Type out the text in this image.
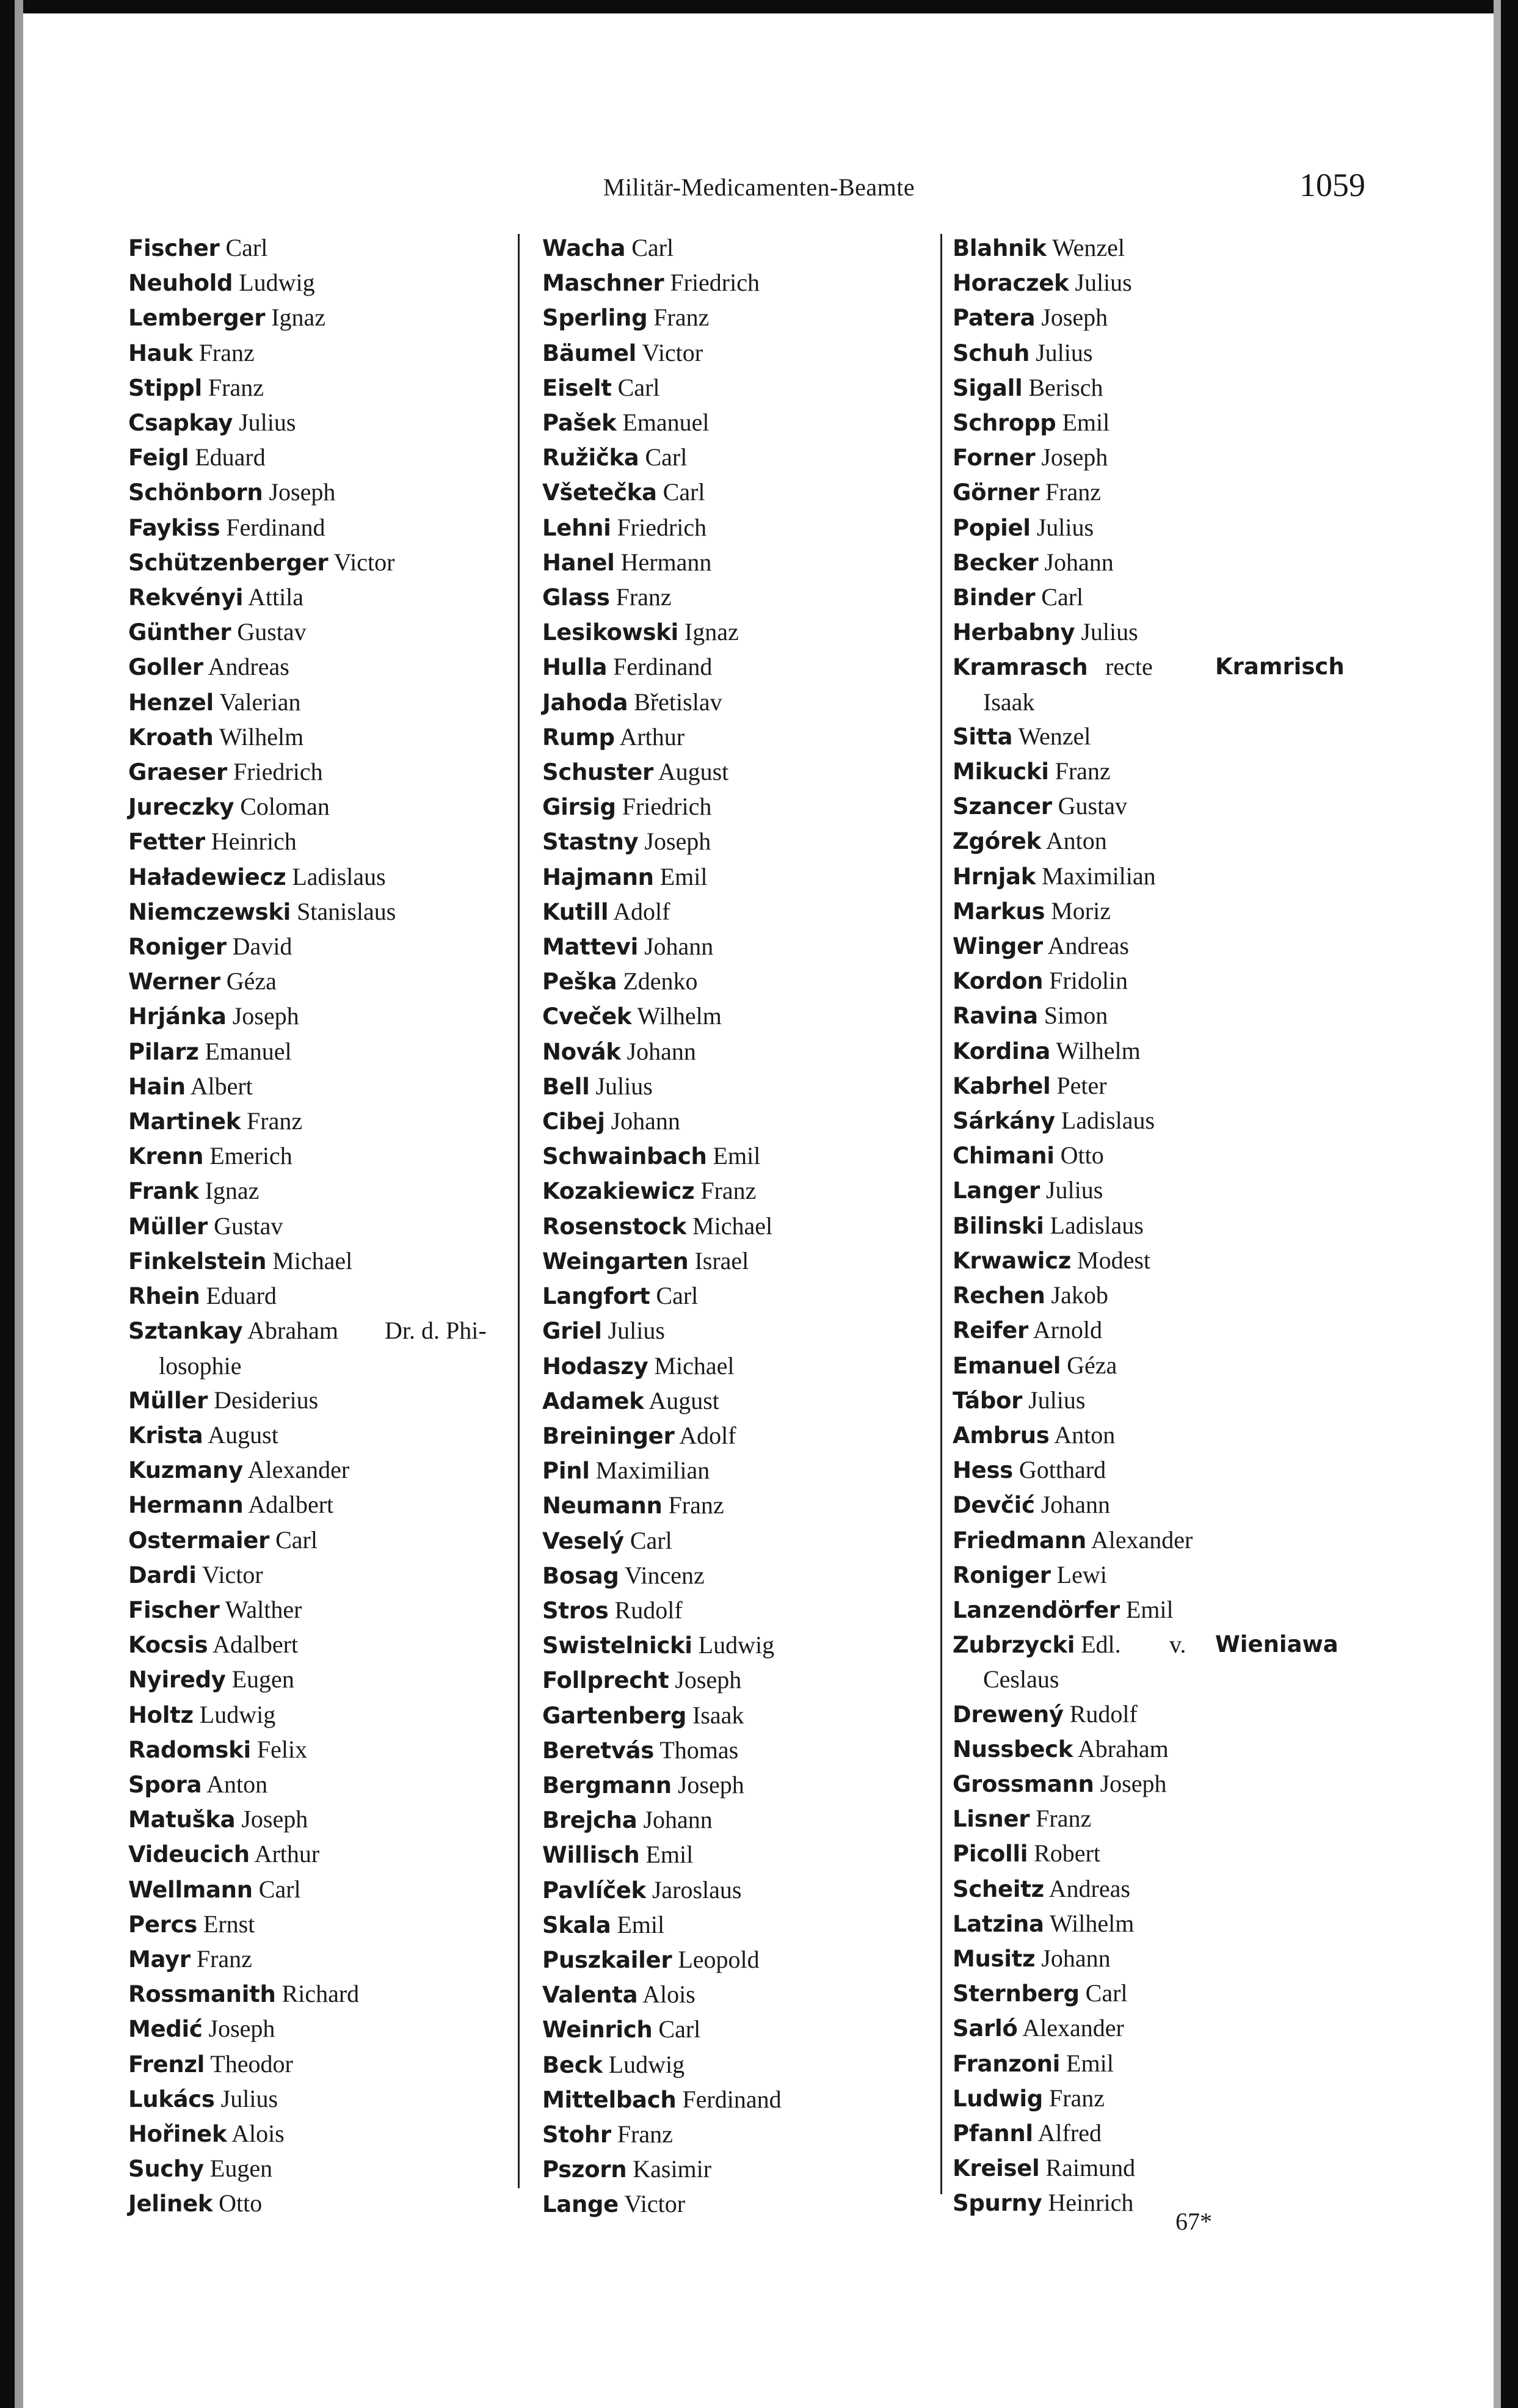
Militär-Medicamenten-Beamte	1059
Fischer Carl
Neuhold Ludwig
Lemberger Ignaz
Hauk Franz
Stippl Franz
Csapkay Julius
Feigl Eduard
Schönborn Joseph
Faykiss Ferdinand
Schützenberger Victor
Rekvényi Attila
Günther Gustav
Goller Andreas
Henzel Valerian
Kroath Wilhelm
Graeser Friedrich
Jureczky Coloman
Fetter Heinrich
Haładewiecz Ladislaus
Niemczewski Stanislaus
Roniger David
Werner Géza
Hrjánka Joseph
Pilarz Emanuel
Hain Albert
Martinek Franz
Krenn Emerich
Frank Ignaz
Müller Gustav
Finkelstein Michael
Rhein Eduard
Sztankay Abraham Dr. d. Phi-
losophie
Müller Desiderius
Krista August
Kuzmany Alexander
Hermann Adalbert
Ostermaier Carl
Dardi Victor
Fischer Walther
Kocsis Adalbert
Nyiredy Eugen
Holtz Ludwig
Radomski Felix
Spora Anton
Matuška Joseph
Videucich Arthur
Wellmann Carl
Percs Ernst
Mayr Franz
Rossmanith Richard
Medić Joseph
Frenzl Theodor
Lukács Julius
Hořinek Alois
Suchy Eugen
Jelinek Otto
Wacha Carl
Maschner Friedrich
Sperling Franz
Bäumel Victor
Eiselt Carl
Pašek Emanuel
Ružička Carl
Všetečka Carl
Lehni Friedrich
Hanel Hermann
Glass Franz
Lesikowski Ignaz
Hulla Ferdinand
Jahoda Břetislav
Rump Arthur
Schuster August
Girsig Friedrich
Stastny Joseph
Hajmann Emil
Kutill Adolf
Mattevi Johann
Peška Zdenko
Cveček Wilhelm
Novák Johann
Bell Julius
Cibej Johann
Schwainbach Emil
Kozakiewicz Franz
Rosenstock Michael
Weingarten Israel
Langfort Carl
Griel Julius
Hodaszy Michael
Adamek August
Breininger Adolf
Pinl Maximilian
Neumann Franz
Veselý Carl
Bosag Vincenz
Stros Rudolf
Swistelnicki Ludwig
Follprecht Joseph
Gartenberg Isaak
Beretvás Thomas
Bergmann Joseph
Brejcha Johann
Willisch Emil
Pavlíček Jaroslaus
Skala Emil
Puszkailer Leopold
Valenta Alois
Weinrich Carl
Beck Ludwig
Mittelbach Ferdinand
Stohr Franz
Pszorn Kasimir
Lange Victor
Blahnik Wenzel
Horaczek Julius
Patera Joseph
Schuh Julius
Sigall Berisch
Schropp Emil
Forner Joseph
Görner Franz
Popiel Julius
Becker Johann
Binder Carl
Herbabny Julius
Kramrasch recte	Kramrisch
Isaak
Sitta Wenzel
Mikucki Franz
Szancer Gustav
Zgórek Anton
Hrnjak Maximilian
Markus Moriz
Winger Andreas
Kordon Fridolin
Ravina Simon
Kordina Wilhelm
Kabrhel Peter
Sárkány Ladislaus
Chimani Otto
Langer Julius
Bilinski Ladislaus
Krwawicz Modest
Rechen Jakob
Reifer Arnold
Emanuel Géza
Tábor Julius
Ambrus Anton
Hess Gotthard
Devčić Johann
Friedmann Alexander
Roniger Lewi
Lanzendörfer Emil
Zubrzycki Edl. v. Wieniawa
Ceslaus
Drewený Rudolf
Nussbeck Abraham
Grossmann Joseph
Lisner Franz
Picolli Robert
Scheitz Andreas
Latzina Wilhelm
Musitz Johann
Sternberg Carl
Sarló Alexander
Franzoni Emil
Ludwig Franz
Pfannl Alfred
Kreisel Raimund
Spurny Heinrich
67*
